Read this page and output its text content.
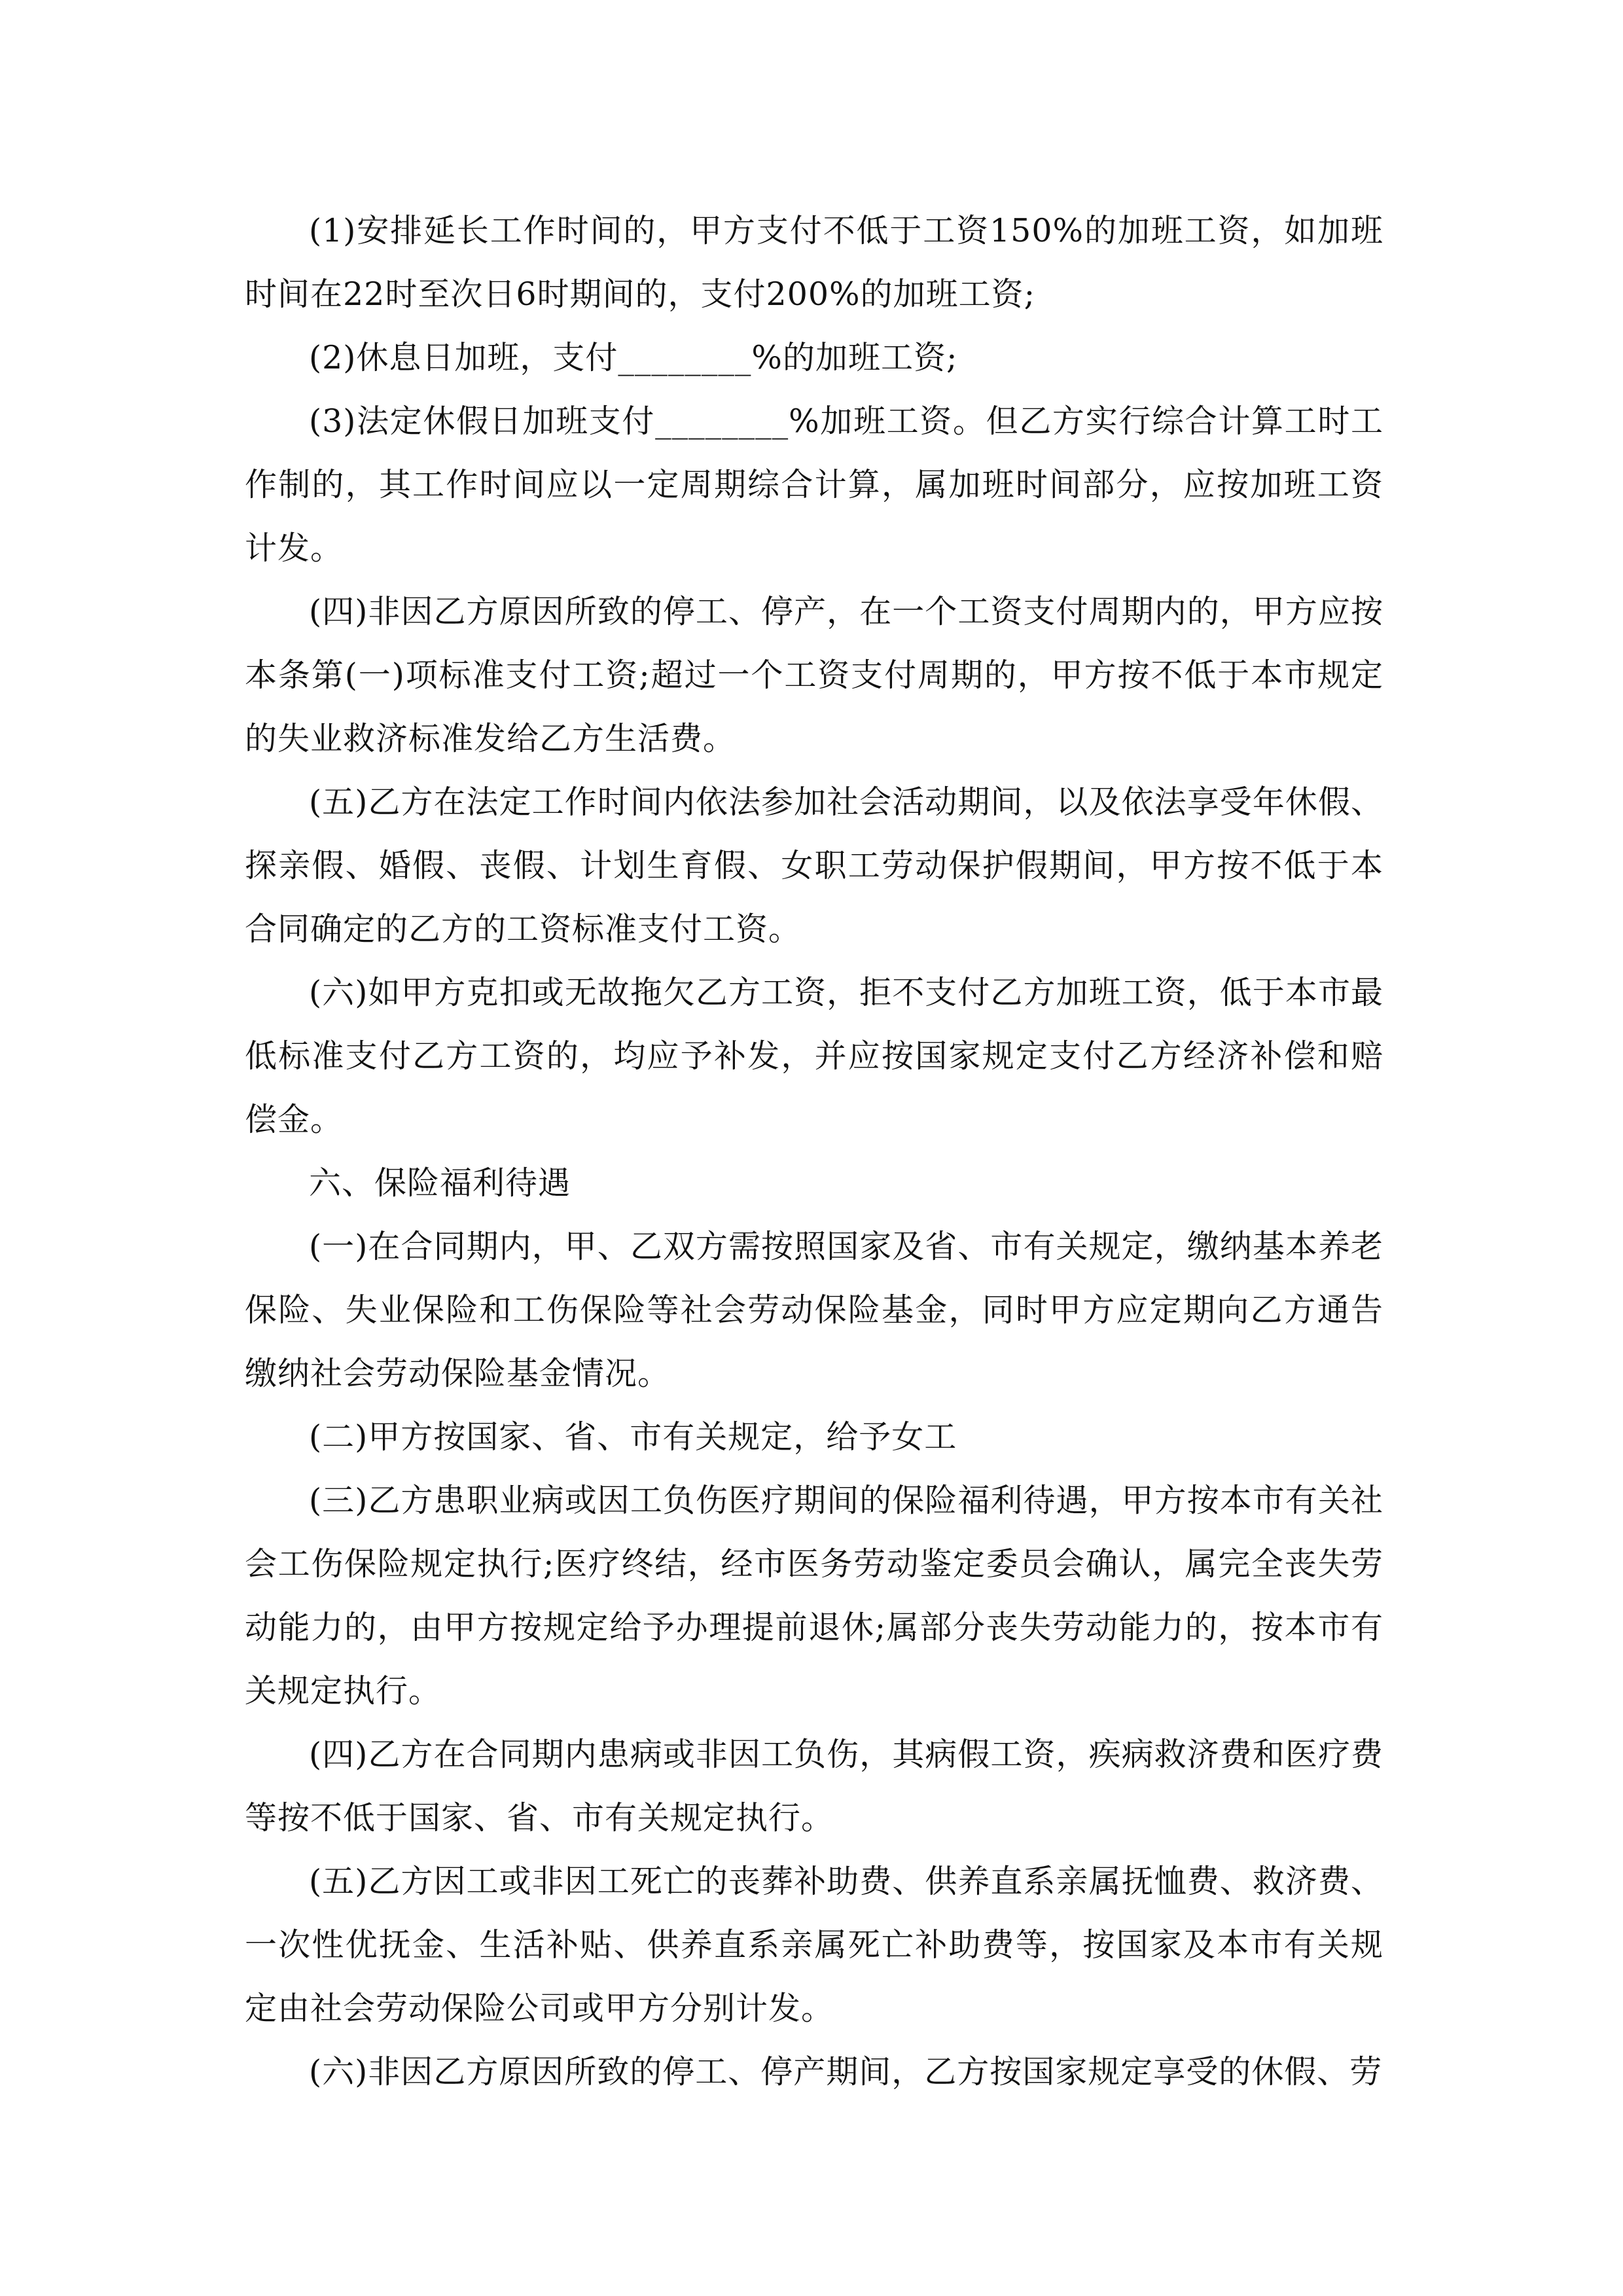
(1)安排延长工作时间的，甲方支付不低于工资150%的加班工资，如加班时间在22时至次日6时期间的，支付200%的加班工资;

(2)休息日加班，支付________%的加班工资;

(3)法定休假日加班支付________%加班工资。但乙方实行综合计算工时工作制的，其工作时间应以一定周期综合计算，属加班时间部分，应按加班工资计发。

(四)非因乙方原因所致的停工、停产，在一个工资支付周期内的，甲方应按本条第(一)项标准支付工资;超过一个工资支付周期的，甲方按不低于本市规定的失业救济标准发给乙方生活费。

(五)乙方在法定工作时间内依法参加社会活动期间，以及依法享受年休假、探亲假、婚假、丧假、计划生育假、女职工劳动保护假期间，甲方按不低于本合同确定的乙方的工资标准支付工资。

(六)如甲方克扣或无故拖欠乙方工资，拒不支付乙方加班工资，低于本市最低标准支付乙方工资的，均应予补发，并应按国家规定支付乙方经济补偿和赔偿金。

六、保险福利待遇

(一)在合同期内，甲、乙双方需按照国家及省、市有关规定，缴纳基本养老保险、失业保险和工伤保险等社会劳动保险基金，同时甲方应定期向乙方通告缴纳社会劳动保险基金情况。

(二)甲方按国家、省、市有关规定，给予女工

(三)乙方患职业病或因工负伤医疗期间的保险福利待遇，甲方按本市有关社会工伤保险规定执行;医疗终结，经市医务劳动鉴定委员会确认，属完全丧失劳动能力的，由甲方按规定给予办理提前退休;属部分丧失劳动能力的，按本市有关规定执行。

(四)乙方在合同期内患病或非因工负伤，其病假工资，疾病救济费和医疗费等按不低于国家、省、市有关规定执行。

(五)乙方因工或非因工死亡的丧葬补助费、供养直系亲属抚恤费、救济费、一次性优抚金、生活补贴、供养直系亲属死亡补助费等，按国家及本市有关规定由社会劳动保险公司或甲方分别计发。

(六)非因乙方原因所致的停工、停产期间，乙方按国家规定享受的休假、劳
